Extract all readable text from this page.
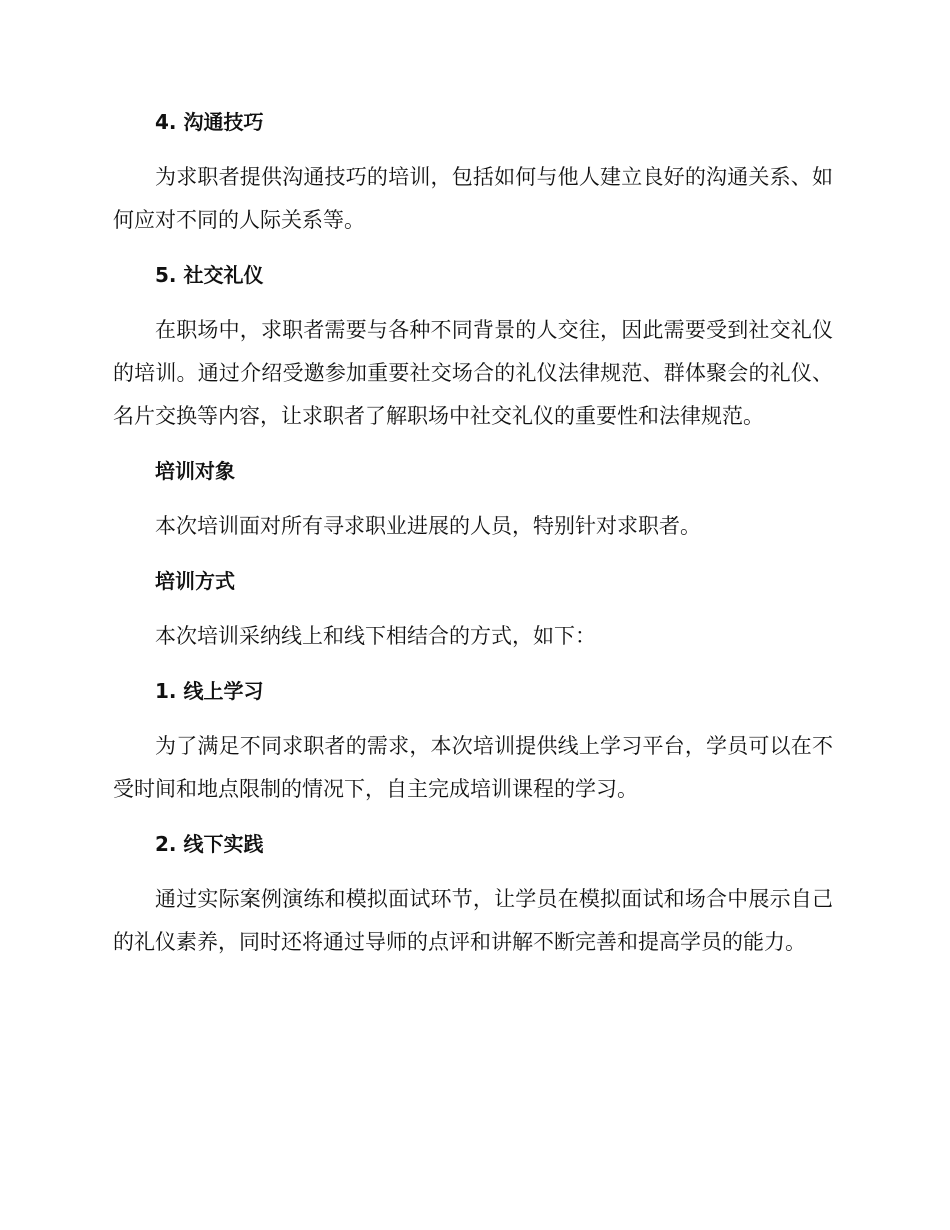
4. 沟通技巧

为求职者提供沟通技巧的培训，包括如何与他人建立良好的沟通关系、如何应对不同的人际关系等。

5. 社交礼仪

在职场中，求职者需要与各种不同背景的人交往，因此需要受到社交礼仪的培训。通过介绍受邀参加重要社交场合的礼仪法律规范、群体聚会的礼仪、名片交换等内容，让求职者了解职场中社交礼仪的重要性和法律规范。

培训对象

本次培训面对所有寻求职业进展的人员，特别针对求职者。

培训方式

本次培训采纳线上和线下相结合的方式，如下：

1. 线上学习

为了满足不同求职者的需求，本次培训提供线上学习平台，学员可以在不受时间和地点限制的情况下，自主完成培训课程的学习。

2. 线下实践

通过实际案例演练和模拟面试环节，让学员在模拟面试和场合中展示自己的礼仪素养，同时还将通过导师的点评和讲解不断完善和提高学员的能力。
